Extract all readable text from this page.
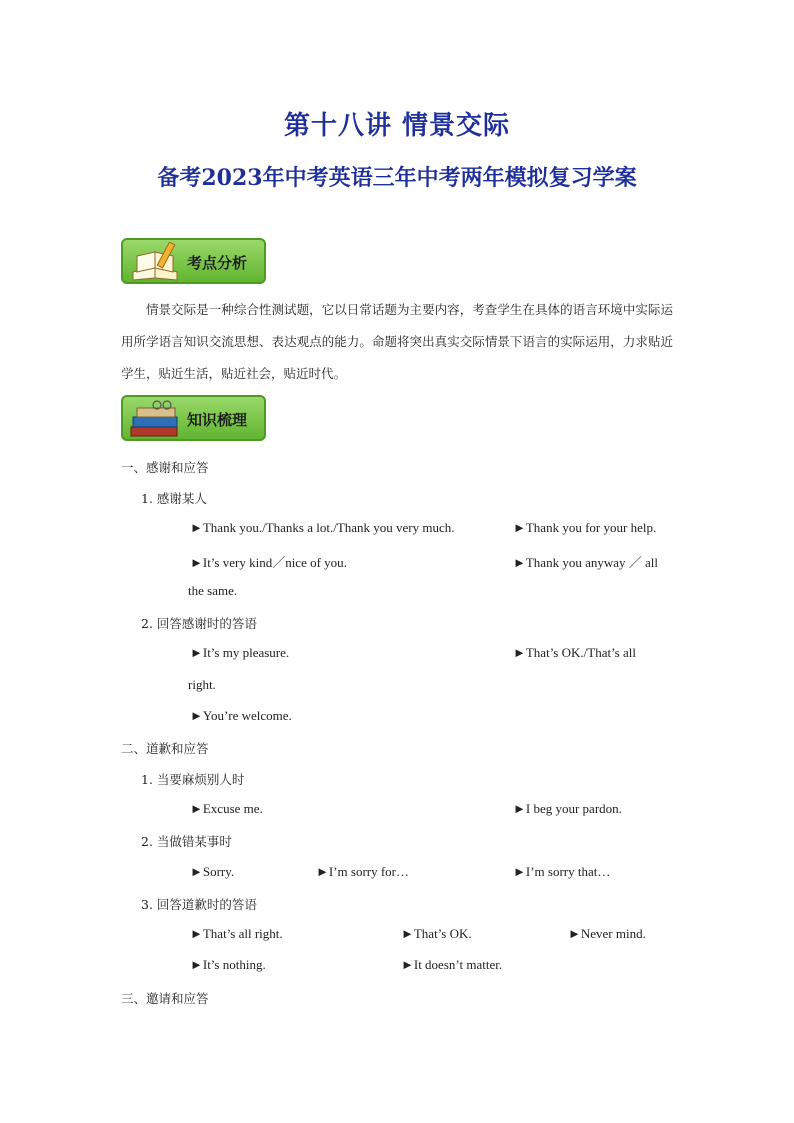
第十八讲 情景交际
备考2023年中考英语三年中考两年模拟复习学案
考点分析
情景交际是一种综合性测试题，它以日常话题为主要内容，考查学生在具体的语言环境中实际运用所学语言知识交流思想、表达观点的能力。命题将突出真实交际情景下语言的实际运用，力求贴近学生，贴近生活，贴近社会，贴近时代。
知识梳理
一、感谢和应答
1. 感谢某人
►Thank you./Thanks a lot./Thank you very much.	►Thank you for your help.
►It’s very kind／nice of you.	►Thank you anyway ／ all
the same.
2. 回答感谢时的答语
►It’s my pleasure.	►That’s OK./That’s all
right.
►You’re welcome.
二、道歉和应答
1. 当要麻烦别人时
►Excuse me.	►I beg your pardon.
2. 当做错某事时
►Sorry.	►I’m sorry for…	►I’m sorry that…
3. 回答道歉时的答语
►That’s all right.	►That’s OK.	►Never mind.
►It’s nothing.	►It doesn’t matter.
三、邀请和应答
